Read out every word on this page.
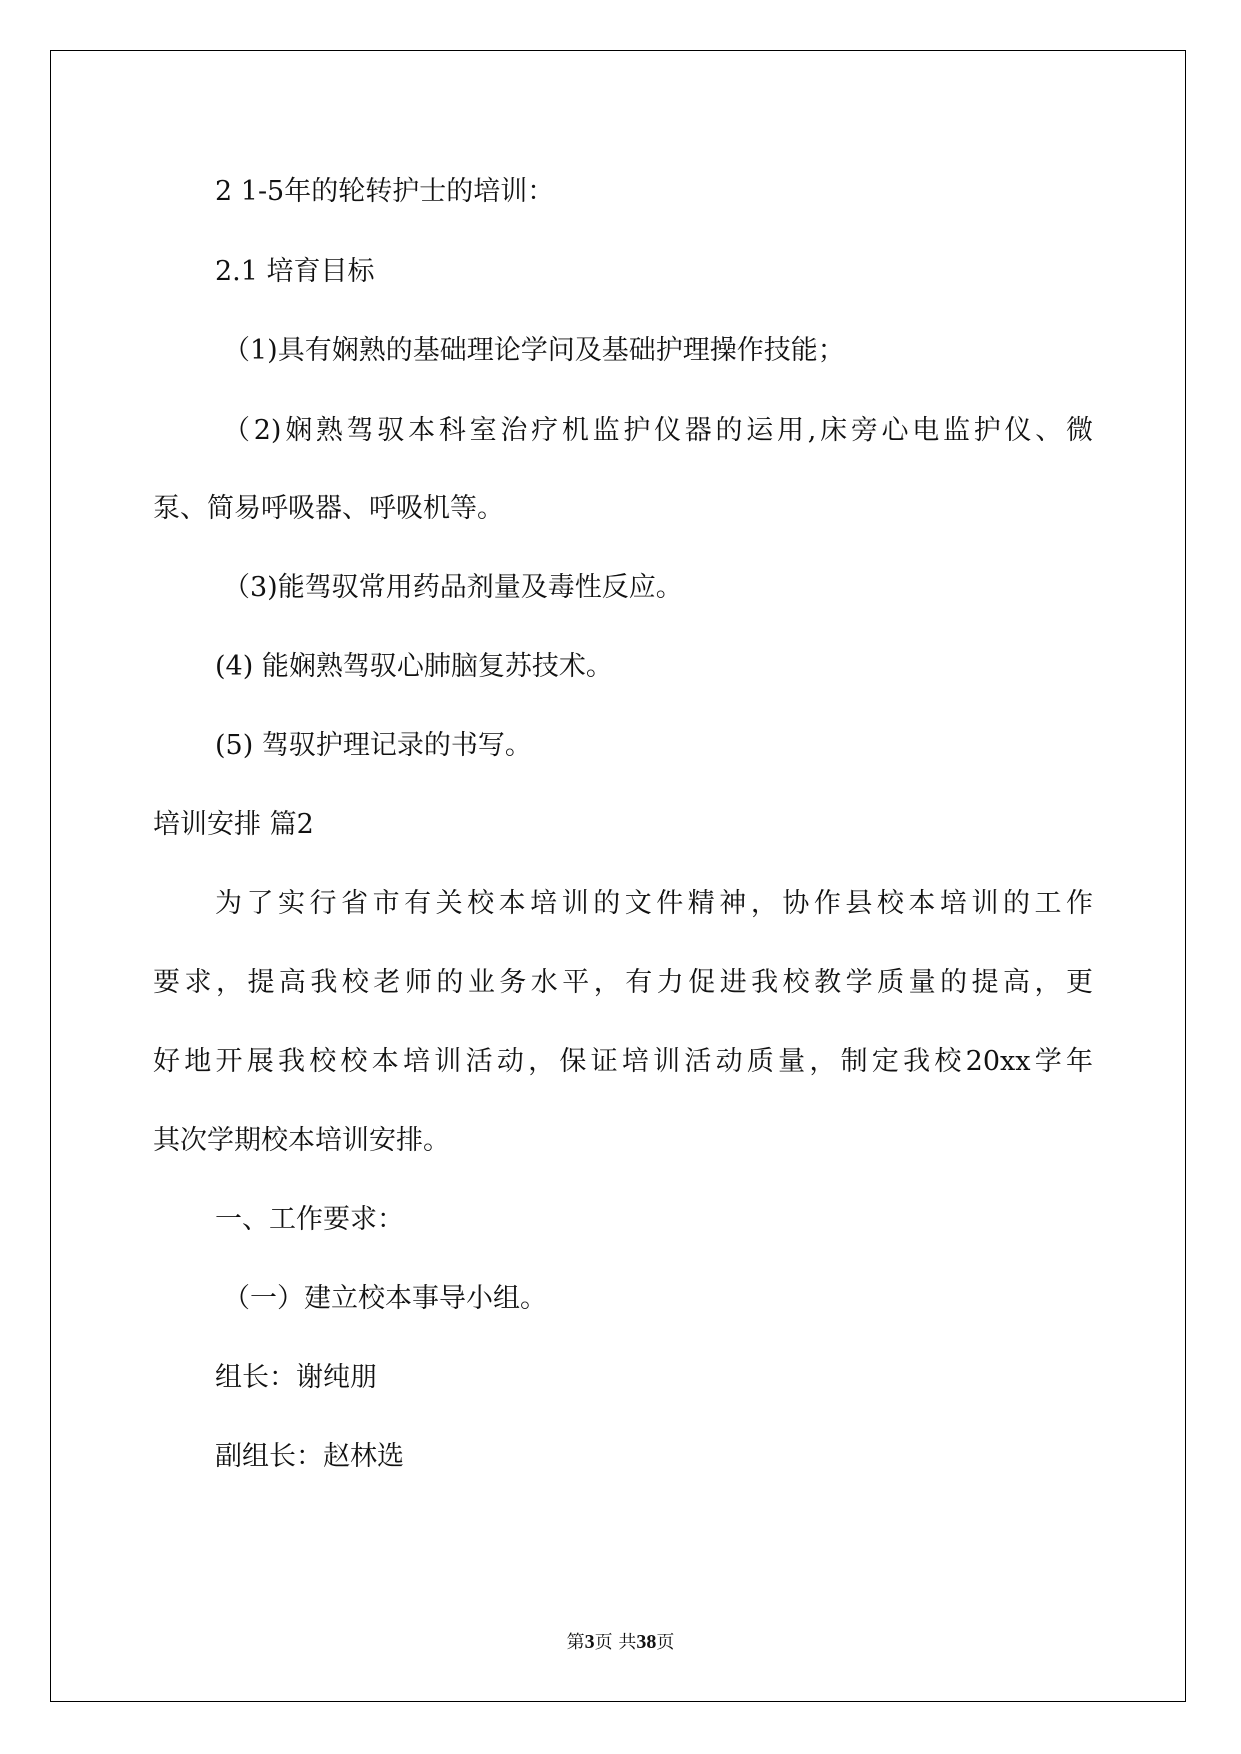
2 1-5年的轮转护士的培训：
2.1 培育目标
（1)具有娴熟的基础理论学问及基础护理操作技能；
（2)娴熟驾驭本科室治疗机监护仪器的运用,床旁心电监护仪、微
泵、简易呼吸器、呼吸机等。
（3)能驾驭常用药品剂量及毒性反应。
(4) 能娴熟驾驭心肺脑复苏技术。
(5) 驾驭护理记录的书写。
培训安排 篇2
为了实行省市有关校本培训的文件精神，协作县校本培训的工作
要求，提高我校老师的业务水平，有力促进我校教学质量的提高，更
好地开展我校校本培训活动，保证培训活动质量，制定我校20xx学年
其次学期校本培训安排。
一、工作要求：
（一）建立校本事导小组。
组长：谢纯朋
副组长：赵林选
第3页 共38页
